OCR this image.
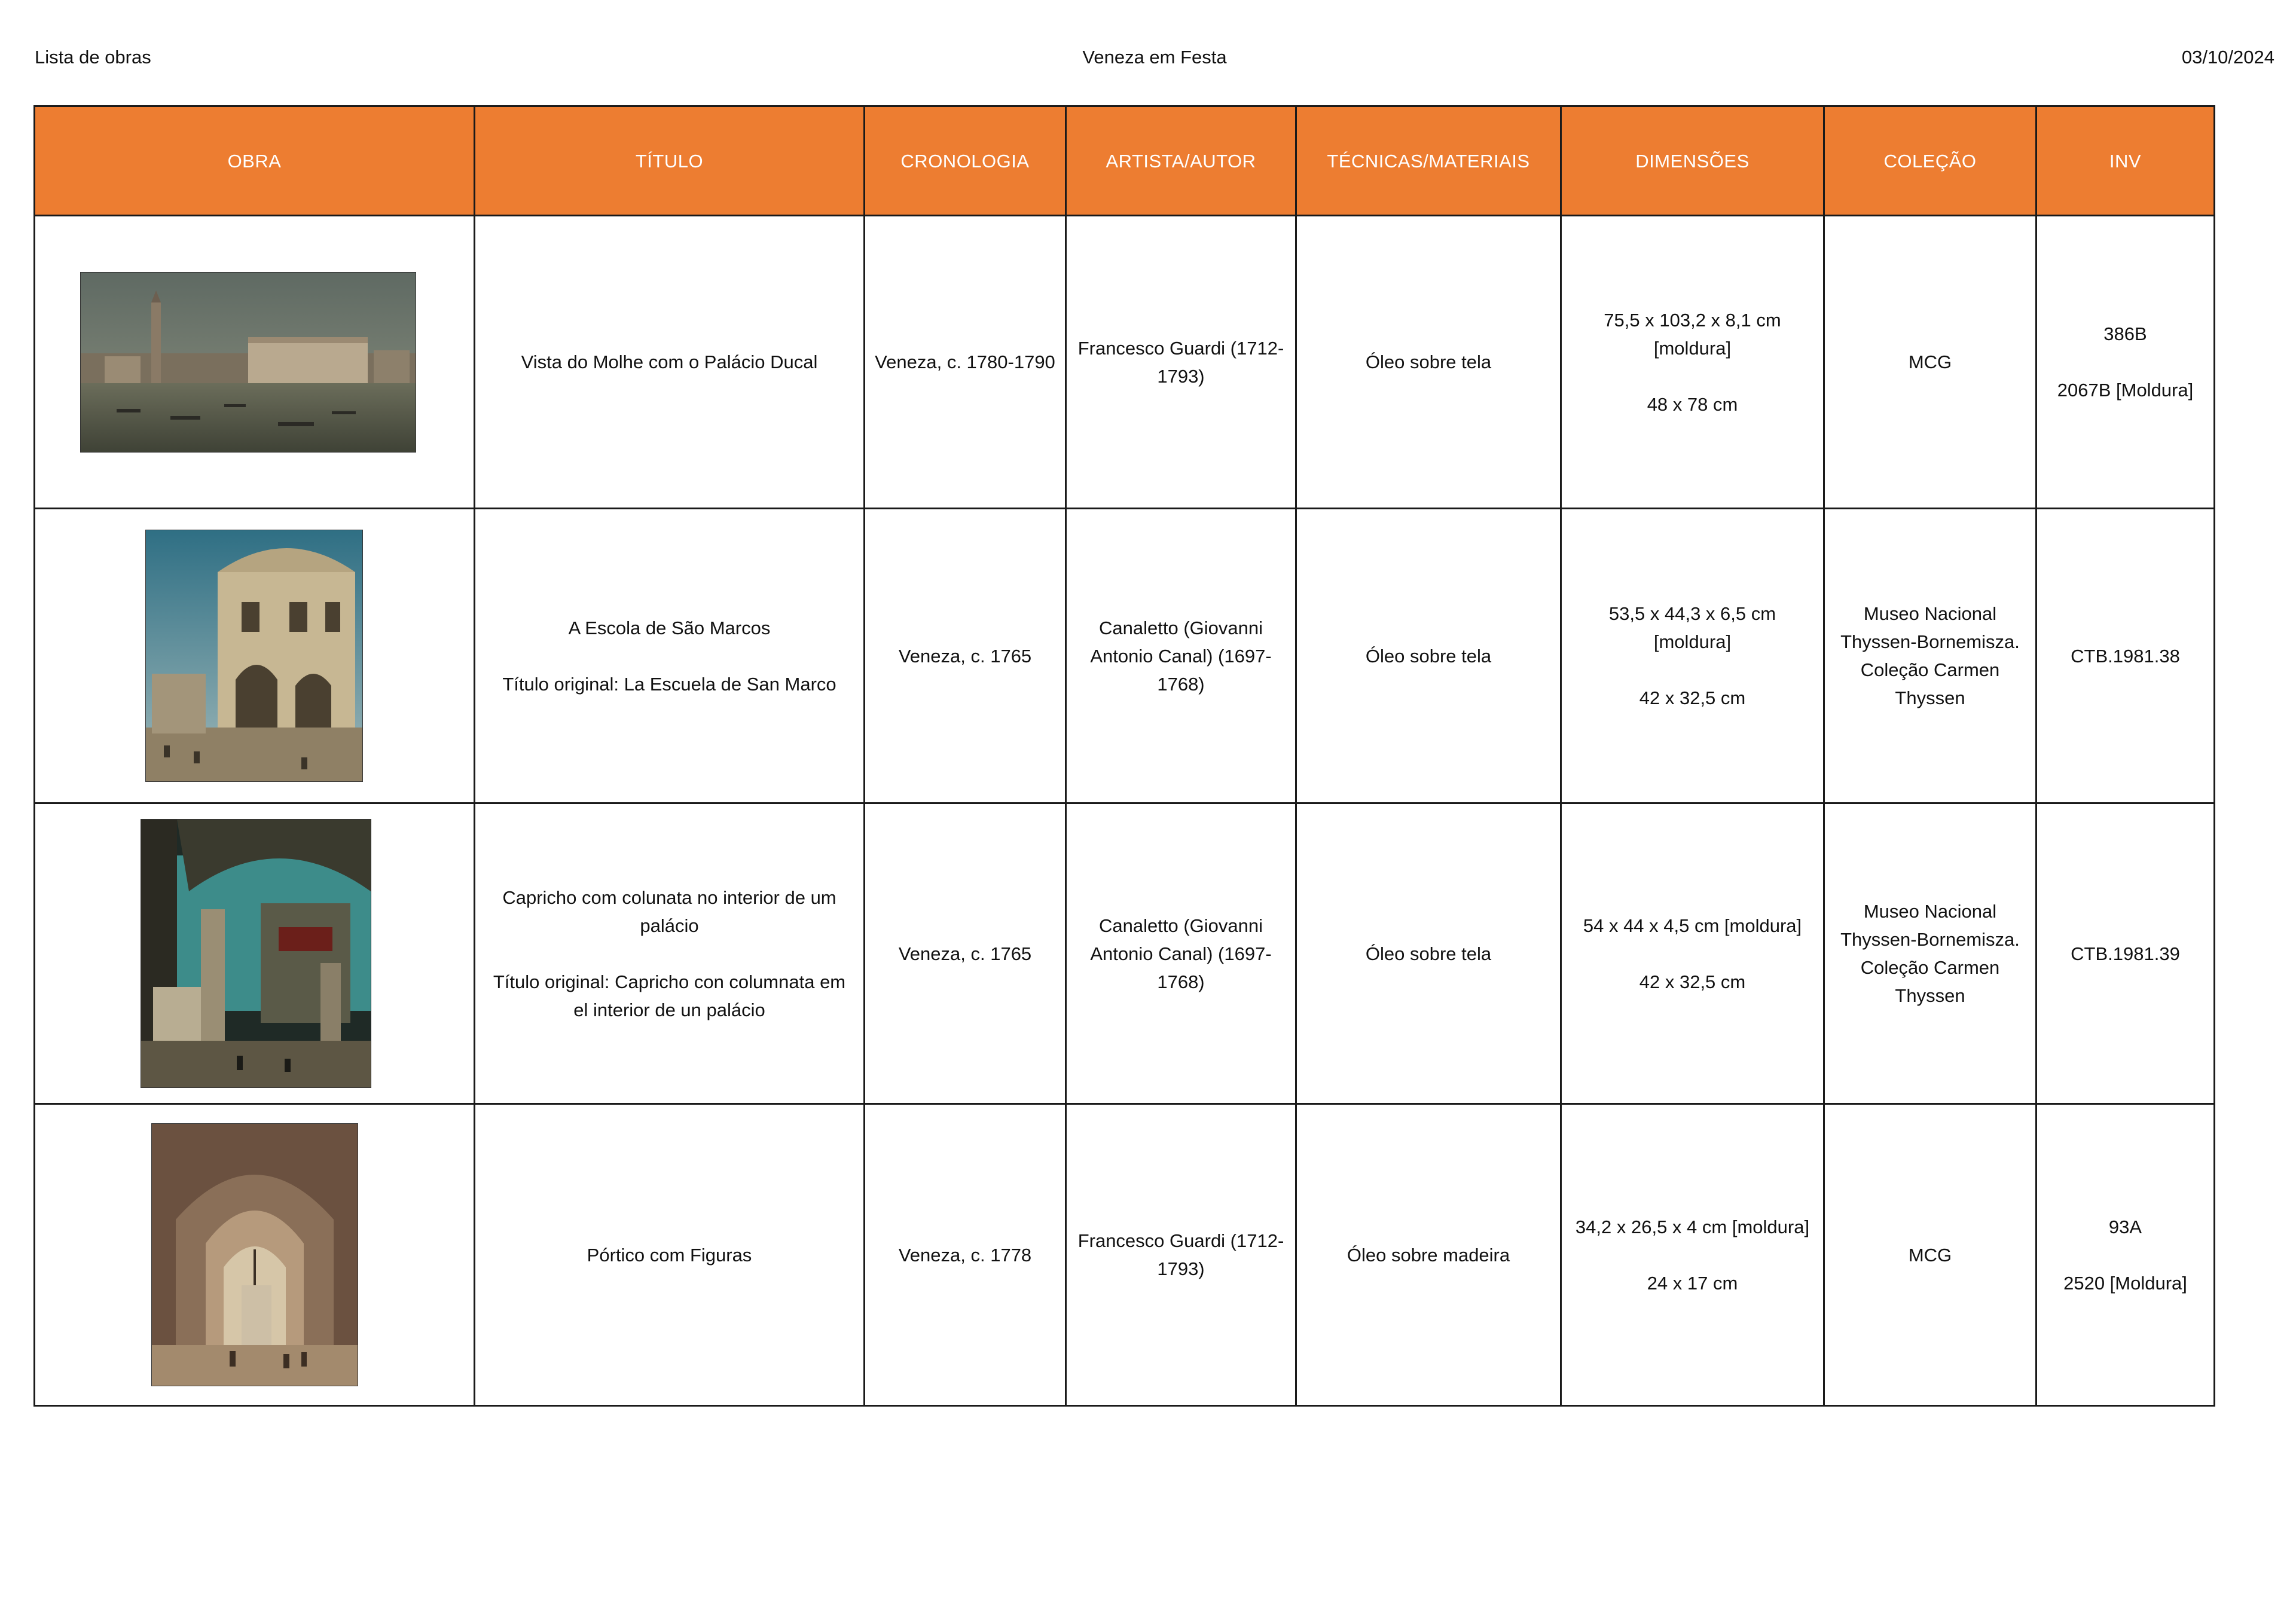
Lista de obras	Veneza em Festa	03/10/2024
OBRA	TÍTULO	CRONOLOGIA	ARTISTA/AUTOR	TÉCNICAS/MATERIAIS	DIMENSÕES	COLEÇÃO	INV

Vista do Molhe com o Palácio Ducal	Veneza, c. 1780-1790	Francesco Guardi (1712-
1793)	Óleo sobre tela	75,5 x 103,2 x 8,1 cm
[moldura]
48 x 78 cm	MCG	386B
2067B [Moldura]

A Escola de São Marcos
Título original: La Escuela de San Marco	Veneza, c. 1765	Canaletto (Giovanni
Antonio Canal) (1697-
1768)	Óleo sobre tela	53,5 x 44,3 x 6,5 cm
[moldura]
42 x 32,5 cm	Museo Nacional
Thyssen-Bornemisza.
Coleção Carmen
Thyssen	CTB.1981.38

Capricho com colunata no interior de um
palácio
Título original: Capricho con columnata em
el interior de un palácio	Veneza, c. 1765	Canaletto (Giovanni
Antonio Canal) (1697-
1768)	Óleo sobre tela	54 x 44 x 4,5 cm [moldura]
42 x 32,5 cm	Museo Nacional
Thyssen-Bornemisza.
Coleção Carmen
Thyssen	CTB.1981.39

Pórtico com Figuras	Veneza, c. 1778	Francesco Guardi (1712-
1793)	Óleo sobre madeira	34,2 x 26,5 x 4 cm [moldura]
24 x 17 cm	MCG	93A
2520 [Moldura]
